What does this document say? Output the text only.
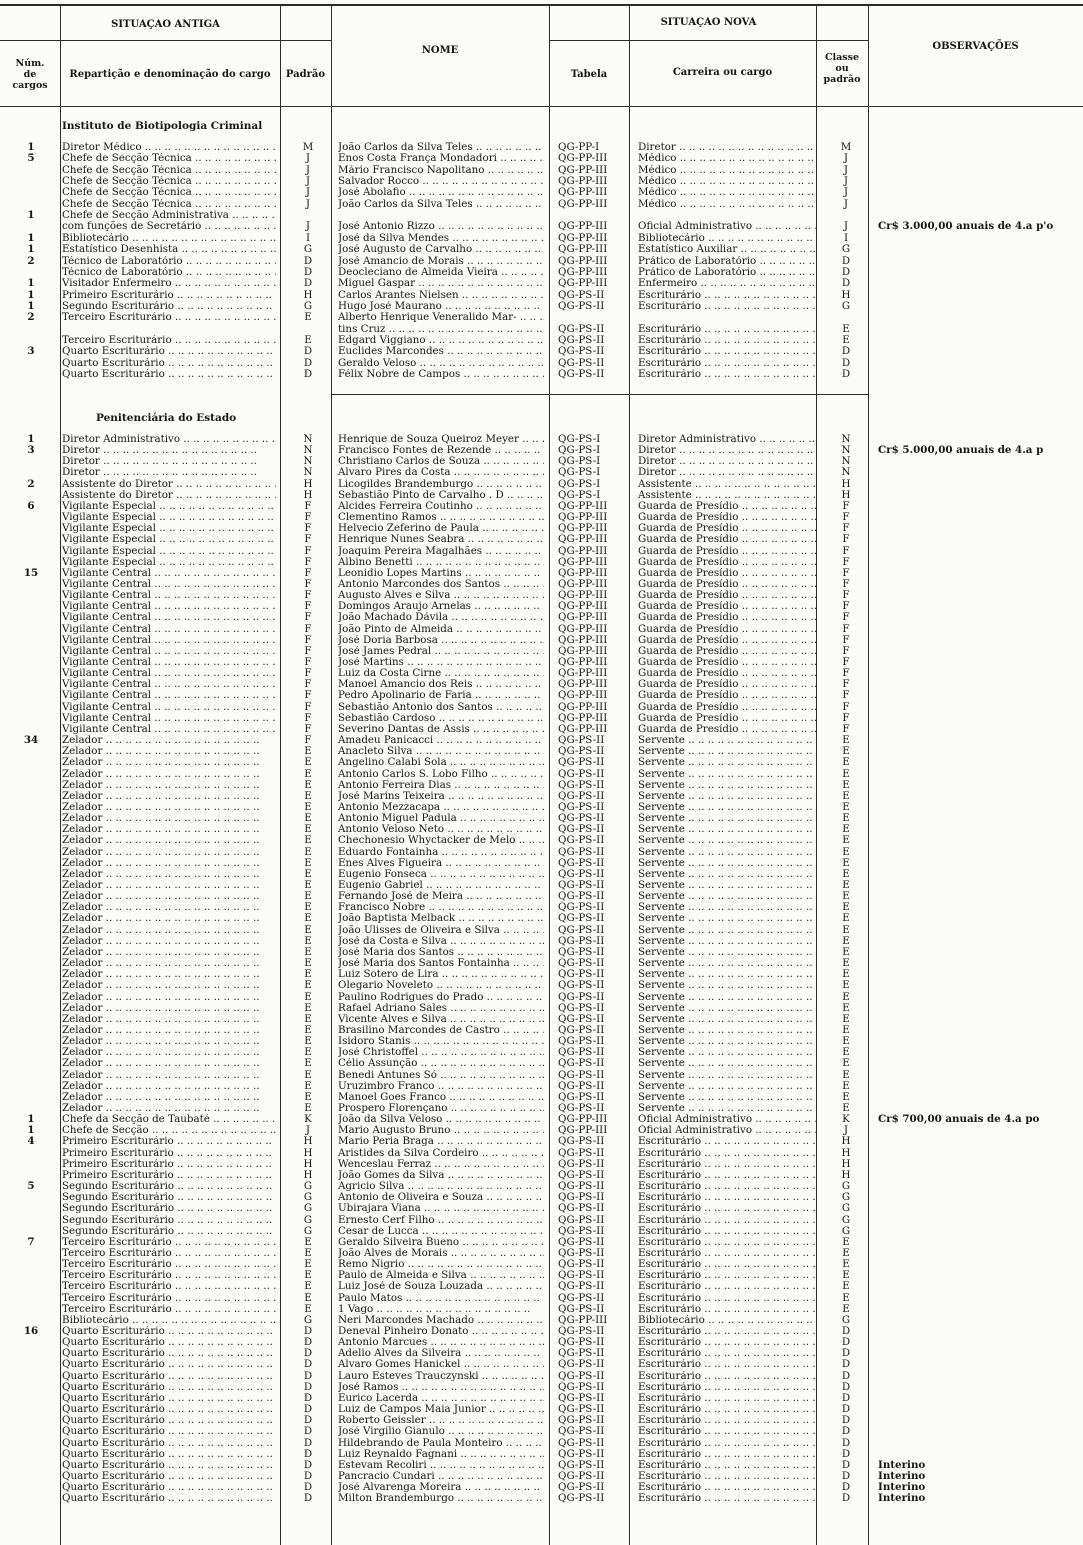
SITUAÇAO ANTIGA	SITUAÇAO NOVA
NOME	OBSERVAÇÕES
Núm.
de
cargos
Repartição e denominação do cargo	Padrão	Tabela	Carreira ou cargo
Classe
ou
padrão
Instituto de Biotipologia Criminal
Penitenciária do Estado
1	Diretor Médico .. ..	M	João Carlos da Silva Teles .. ..	QG-PP-I	Diretor .. ..	M
5	Chefe de Secção Técnica .. ..	J	Enos Costa França Mondadori .. ..	QG-PP-III	Médico .. ..	J
Chefe de Secção Técnica .. ..	J	Mário Francisco Napolitano .. ..	QG-PP-III	Médico .. ..	J
Chefe de Secção Técnica .. ..	J	Salvador Rocco .. ..	QG-PP-III	Médico .. ..	J
Chefe de Secção Técnica .. ..	J	José Abolafio .. ..	QG-PP-III	Médico .. ..	J
Chefe de Secção Técnica .. ..	J	João Carlos da Silva Teles .. ..	QG-PP-III	Médico .. ..	J
1	Chefe de Secção Administrativa .. ..
com funções de Secretário .. ..	J	José Antonio Rizzo .. ..	QG-PP-III	Oficial Administrativo .. ..	J	Cr$ 3.000,00 anuais de 4.a p'o
1	Bibliotecário .. ..	I	José da Silva Mendes .. ..	QG-PP-III	Bibliotecário .. ..	I
1	Estatístico Desenhista .. ..	G	José Augusto de Carvalho .. ..	QG-PP-III	Estatístico Auxiliar .. ..	G
2	Técnico de Laboratório .. ..	D	José Amancio de Morais .. ..	QG-PP-III	Prático de Laboratório .. ..	D
Técnico de Laboratório .. ..	D	Deocleciano de Almeida Vieira .. ..	QG-PP-III	Prático de Laboratório .. ..	D
1	Visitador Enfermeiro .. ..	D	Miguel Gaspar .. ..	QG-PP-III	Enfermeiro .. ..	D
1	Primeiro Escriturário .. ..	H	Carlos Arantes Nielsen .. ..	QG-PS-II	Escriturário .. ..	H
1	Segundo Escriturário .. ..	G	Hugo José Maurano .. ..	QG-PS-II	Escriturário .. ..	G
2	Terceiro Escriturário .. ..	E	Alberto Henrique Veneralido Mar- .. ..
tins Cruz .. ..	QG-PS-II	Escriturário .. ..	E
Terceiro Escriturário .. ..	E	Edgard Viggiano .. ..	QG-PS-II	Escriturário .. ..	E
3	Quarto Escriturário .. ..	D	Euclides Marcondes .. ..	QG-PS-II	Escriturário .. ..	D
Quarto Escriturário .. ..	D	Geraldo Veloso .. ..	QG-PS-II	Escriturário .. ..	D
Quarto Escriturário .. ..	D	Félix Nobre de Campos .. ..	QG-PS-II	Escriturário .. ..	D
1	Diretor Administrativo .. ..	N	Henrique de Souza Queiroz Meyer .. ..	QG-PS-I	Diretor Administrativo .. ..	N
3	Diretor .. ..	N	Francisco Fontes de Rezende .. ..	QG-PS-I	Diretor .. ..	N	Cr$ 5.000,00 anuais de 4.a p
Diretor .. ..	N	Christiano Carlos de Souza .. ..	QG-PS-I	Diretor .. ..	N
Diretor .. ..	N	Alvaro Pires da Costa .. ..	QG-PS-I	Diretor .. ..	N
2	Assistente do Diretor .. ..	H	Licogildes Brandemburgo .. ..	QG-PS-I	Assistente .. ..	H
Assistente do Diretor .. ..	H	Sebastião Pinto de Carvalho . D .. ..	QG-PS-I	Assistente .. ..	H
6	Vigilante Especial .. ..	F	Alcides Ferreira Coutinho .. ..	QG-PP-III	Guarda de Presídio .. ..	F
Vigilante Especial .. ..	F	Clementino Ramos .. ..	QG-PP-III	Guarda de Presídio .. ..	F
Vigilante Especial .. ..	F	Helvecio Zeferino de Paula .. ..	QG-PP-III	Guarda de Presídio .. ..	F
Vigilante Especial .. ..	F	Henrique Nunes Seabra .. ..	QG-PP-III	Guarda de Presídio .. ..	F
Vigilante Especial .. ..	F	Joaquim Pereira Magalhães .. ..	QG-PP-III	Guarda de Presídio .. ..	F
Vigilante Especial .. ..	F	Albino Benetti .. ..	QG-PP-III	Guarda de Presídio .. ..	F
15	Vigilante Central .. ..	F	Leonidio Lopes Martins .. ..	QG-PP-III	Guarda de Presídio .. ..	F
Vigilante Central .. ..	F	Antonio Marcondes dos Santos .. ..	QG-PP-III	Guarda de Presídio .. ..	F
Vigilante Central .. ..	F	Augusto Alves e Silva .. ..	QG-PP-III	Guarda de Presídio .. ..	F
Vigilante Central .. ..	F	Domingos Araujo Arnelas .. ..	QG-PP-III	Guarda de Presídio .. ..	F
Vigilante Central .. ..	F	João Machado Dávila .. ..	QG-PP-III	Guarda de Presídio .. ..	F
Vigilante Central .. ..	F	João Pinto de Almeida .. ..	QG-PP-III	Guarda de Presídio .. ..	F
Vigilante Central .. ..	F	José Doria Barbosa .. ..	QG-PP-III	Guarda de Presídio .. ..	F
Vigilante Central .. ..	F	José James Pedral .. ..	QG-PP-III	Guarda de Presídio .. ..	F
Vigilante Central .. ..	F	José Martins .. ..	QG-PP-III	Guarda de Presídio .. ..	F
Vigilante Central .. ..	F	Luiz da Costa Cirne .. ..	QG-PP-III	Guarda de Presídio .. ..	F
Vigilante Central .. ..	F	Manoel Amancio dos Reis .. ..	QG-PP-III	Guarda de Presídio .. ..	F
Vigilante Central .. ..	F	Pedro Apolinario de Faria .. ..	QG-PP-III	Guarda de Presídio .. ..	F
Vigilante Central .. ..	F	Sebastião Antonio dos Santos .. ..	QG-PP-III	Guarda de Presídio .. ..	F
Vigilante Central .. ..	F	Sebastião Cardoso .. ..	QG-PP-III	Guarda de Presídio .. ..	F
Vigilante Central .. ..	F	Severino Dantas de Assis .. ..	QG-PP-III	Guarda de Presídio .. ..	F
34	Zelador .. ..	F	Amadeu Panicacci .. ..	QG-PS-II	Servente .. ..	E
Zelador .. ..	E	Anacleto Silva .. ..	QG-PS-II	Servente .. ..	E
Zelador .. ..	E	Angelino Calabi Sola .. ..	QG-PS-II	Servente .. ..	E
Zelador .. ..	E	Antonio Carlos S. Lobo Filho .. ..	QG-PS-II	Servente .. ..	E
Zelador .. ..	E	Antonio Ferreira Dias .. ..	QG-PS-II	Servente .. ..	E
Zelador .. ..	E	José Marins Teixeira .. ..	QG-PS-II	Servente .. ..	E
Zelador .. ..	E	Antonio Mezzacapa .. ..	QG-PS-II	Servente .. ..	E
Zelador .. ..	E	Antonio Miguel Padula .. ..	QG-PS-II	Servente .. ..	E
Zelador .. ..	E	Antonio Veloso Neto .. ..	QG-PS-II	Servente .. ..	E
Zelador .. ..	E	Chechonesio Whyctacker de Melo .. ..	QG-PS-II	Servente .. ..	E
Zelador .. ..	E	Eduardo Fontainha .. ..	QG-PS-II	Servente .. ..	E
Zelador .. ..	E	Enes Alves Figueira .. ..	QG-PS-II	Servente .. ..	E
Zelador .. ..	E	Eugenio Fonseca .. ..	QG-PS-II	Servente .. ..	E
Zelador .. ..	E	Eugenio Gabriel .. ..	QG-PS-II	Servente .. ..	E
Zelador .. ..	E	Fernando José de Meira .. ..	QG-PS-II	Servente .. ..	E
Zelador .. ..	E	Francisco Nobre .. ..	QG-PS-II	Servente .. ..	E
Zelador .. ..	E	João Baptista Melback .. ..	QG-PS-II	Servente .. ..	E
Zelador .. ..	E	João Ulisses de Oliveira e Silva .. ..	QG-PS-II	Servente .. ..	E
Zelador .. ..	E	José da Costa e Silva .. ..	QG-PS-II	Servente .. ..	E
Zelador .. ..	E	José Maria dos Santos .. ..	QG-PS-II	Servente .. ..	E
Zelador .. ..	E	José Maria dos Santos Fontainha .. ..	QG-PS-II	Servente .. ..	E
Zelador .. ..	E	Luiz Sotero de Lira .. ..	QG-PS-II	Servente .. ..	E
Zelador .. ..	E	Olegario Noveleto .. ..	QG-PS-II	Servente .. ..	E
Zelador .. ..	E	Paulino Rodrigues do Prado .. ..	QG-PS-II	Servente .. ..	E
Zelador .. ..	E	Rafael Adriano Sales .. ..	QG-PS-II	Servente .. ..	E
Zelador .. ..	E	Vicente Alves e Silva .. ..	QG-PS-II	Servente .. ..	E
Zelador .. ..	E	Brasilino Marcondes de Castro .. ..	QG-PS-II	Servente .. ..	E
Zelador .. ..	E	Isidoro Stanis .. ..	QG-PS-II	Servente .. ..	E
Zelador .. ..	E	José Christoffel .. ..	QG-PS-II	Servente .. ..	E
Zelador .. ..	E	Célio Assunção .. ..	QG-PS-II	Servente .. ..	E
Zelador .. ..	E	Benedi Antunes Só .. ..	QG-PS-II	Servente .. ..	E
Zelador .. ..	E	Uruzimbro Franco .. ..	QG-PS-II	Servente .. ..	E
Zelador .. ..	E	Manoel Goes Franco .. ..	QG-PS-II	Servente .. ..	E
Zelador .. ..	E	Prospero Florençano .. ..	QG-PS-II	Servente .. ..	E
1	Chefe da Secção de Taubaté .. ..	K	João da Silva Veloso .. ..	QG-PP-III	Oficial Administrativo .. ..	K	Cr$ 700,00 anuais de 4.a po
1	Chefe de Secção .. ..	J	Mario Augusto Bruno .. ..	QG-PP-III	Oficial Administrativo .. ..	J
4	Primeiro Escriturário .. ..	H	Mario Peria Braga .. ..	QG-PS-II	Escriturário .. ..	H
Primeiro Escriturário .. ..	H	Aristides da Silva Cordeiro .. ..	QG-PS-II	Escriturário .. ..	H
Primeiro Escriturário .. ..	H	Wenceslau Ferraz .. ..	QG-PS-II	Escriturário .. ..	H
Primeiro Escriturário .. ..	H	João Gomes da Silva .. ..	QG-PS-II	Escriturário .. ..	H
5	Segundo Escriturário .. ..	G	Agricio Silva .. ..	QG-PS-II	Escriturário .. ..	G
Segundo Escriturário .. ..	G	Antonio de Oliveira e Souza .. ..	QG-PS-II	Escriturário .. ..	G
Segundo Escriturário .. ..	G	Ubirajara Viana .. ..	QG-PS-II	Escriturário .. ..	G
Segundo Escriturário .. ..	G	Ernesto Cerf Filho .. ..	QG-PS-II	Escriturário .. ..	G
Segundo Escriturário .. ..	G	Cesar de Lucca .. ..	QG-PS-II	Escriturário .. ..	G
7	Terceiro Escriturário .. ..	E	Geraldo Silveira Bueno .. ..	QG-PS-II	Escriturário .. ..	E
Terceiro Escriturário .. ..	E	João Alves de Morais .. ..	QG-PS-II	Escriturário .. ..	E
Terceiro Escriturário .. ..	E	Remo Nigrio .. ..	QG-PS-II	Escriturário .. ..	E
Terceiro Escriturário .. ..	E	Paulo de Almeida e Silva .. ..	QG-PS-II	Escriturário .. ..	E
Terceiro Escriturário .. ..	E	Luiz José de Souza Louzada .. ..	QG-PS-II	Escriturário .. ..	E
Terceiro Escriturário .. ..	E	Paulo Matos .. ..	QG-PS-II	Escriturário .. ..	E
Terceiro Escriturário .. ..	E	1 Vago .. ..	QG-PS-II	Escriturário .. ..	E
Bibliotecário .. ..	G	Neri Marcondes Machado .. ..	QG-PP-III	Bibliotecário .. ..	G
16	Quarto Escriturário .. ..	D	Deneval Pinheiro Donato .. ..	QG-PS-II	Escriturário .. ..	D
Quarto Escriturário .. ..	D	Antonio Marcues .. ..	QG-PS-II	Escriturário .. ..	D
Quarto Escriturário .. ..	D	Adelio Alves da Silveira .. ..	QG-PS-II	Escriturário .. ..	D
Quarto Escriturário .. ..	D	Alvaro Gomes Hanickel .. ..	QG-PS-II	Escriturário .. ..	D
Quarto Escriturário .. ..	D	Lauro Esteves Trauczynski .. ..	QG-PS-II	Escriturário .. ..	D
Quarto Escriturário .. ..	D	José Ramos .. ..	QG-PS-II	Escriturário .. ..	D
Quarto Escriturário .. ..	D	Eurico Lacerda .. ..	QG-PS-II	Escriturário .. ..	D
Quarto Escriturário .. ..	D	Luiz de Campos Maia Junior .. ..	QG-PS-II	Escriturário .. ..	D
Quarto Escriturário .. ..	D	Roberto Geissler .. ..	QG-PS-II	Escriturário .. ..	D
Quarto Escriturário .. ..	D	José Virgilio Gianulo .. ..	QG-PS-II	Escriturário .. ..	D
Quarto Escriturário .. ..	D	Hildebrando de Paula Monteiro .. ..	QG-PS-II	Escriturário .. ..	D
Quarto Escriturário .. ..	D	Luiz Reynaldo Fagnani .. ..	QG-PS-II	Escriturário .. ..	D
Quarto Escriturário .. ..	D	Estevam Recoliri .. ..	QG-PS-II	Escriturário .. ..	D	Interino
Quarto Escriturário .. ..	D	Pancracio Cundari .. ..	QG-PS-II	Escriturário .. ..	D	Interino
Quarto Escriturário .. ..	D	José Alvarenga Moreira .. ..	QG-PS-II	Escriturário .. ..	D	Interino
Quarto Escriturário .. ..	D	Milton Brandemburgo .. ..	QG-PS-II	Escriturário .. ..	D	Interino
